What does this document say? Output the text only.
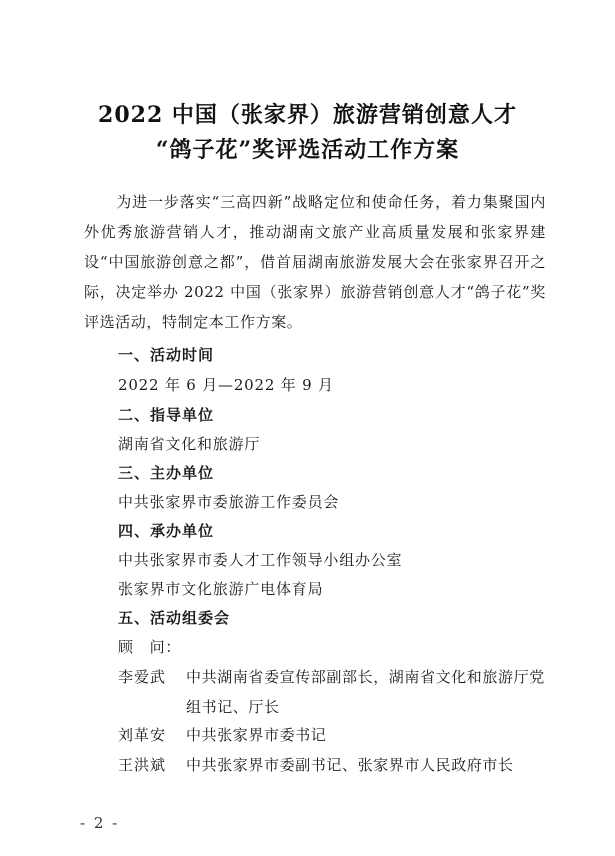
2022 中国（张家界）旅游营销创意人才
“鸽子花”奖评选活动工作方案
为进一步落实“三高四新”战略定位和使命任务，着力集聚国内外优秀旅游营销人才，推动湖南文旅产业高质量发展和张家界建设“中国旅游创意之都”，借首届湖南旅游发展大会在张家界召开之际，决定举办 2022 中国（张家界）旅游营销创意人才“鸽子花”奖评选活动，特制定本工作方案。
一、活动时间
2022 年 6 月—2022 年 9 月
二、指导单位
湖南省文化和旅游厅
三、主办单位
中共张家界市委旅游工作委员会
四、承办单位
中共张家界市委人才工作领导小组办公室
张家界市文化旅游广电体育局
五、活动组委会
顾　问：
李爱武 中共湖南省委宣传部副部长，湖南省文化和旅游厅党组书记、厅长
刘革安 中共张家界市委书记
王洪斌 中共张家界市委副书记、张家界市人民政府市长
- 2 -
